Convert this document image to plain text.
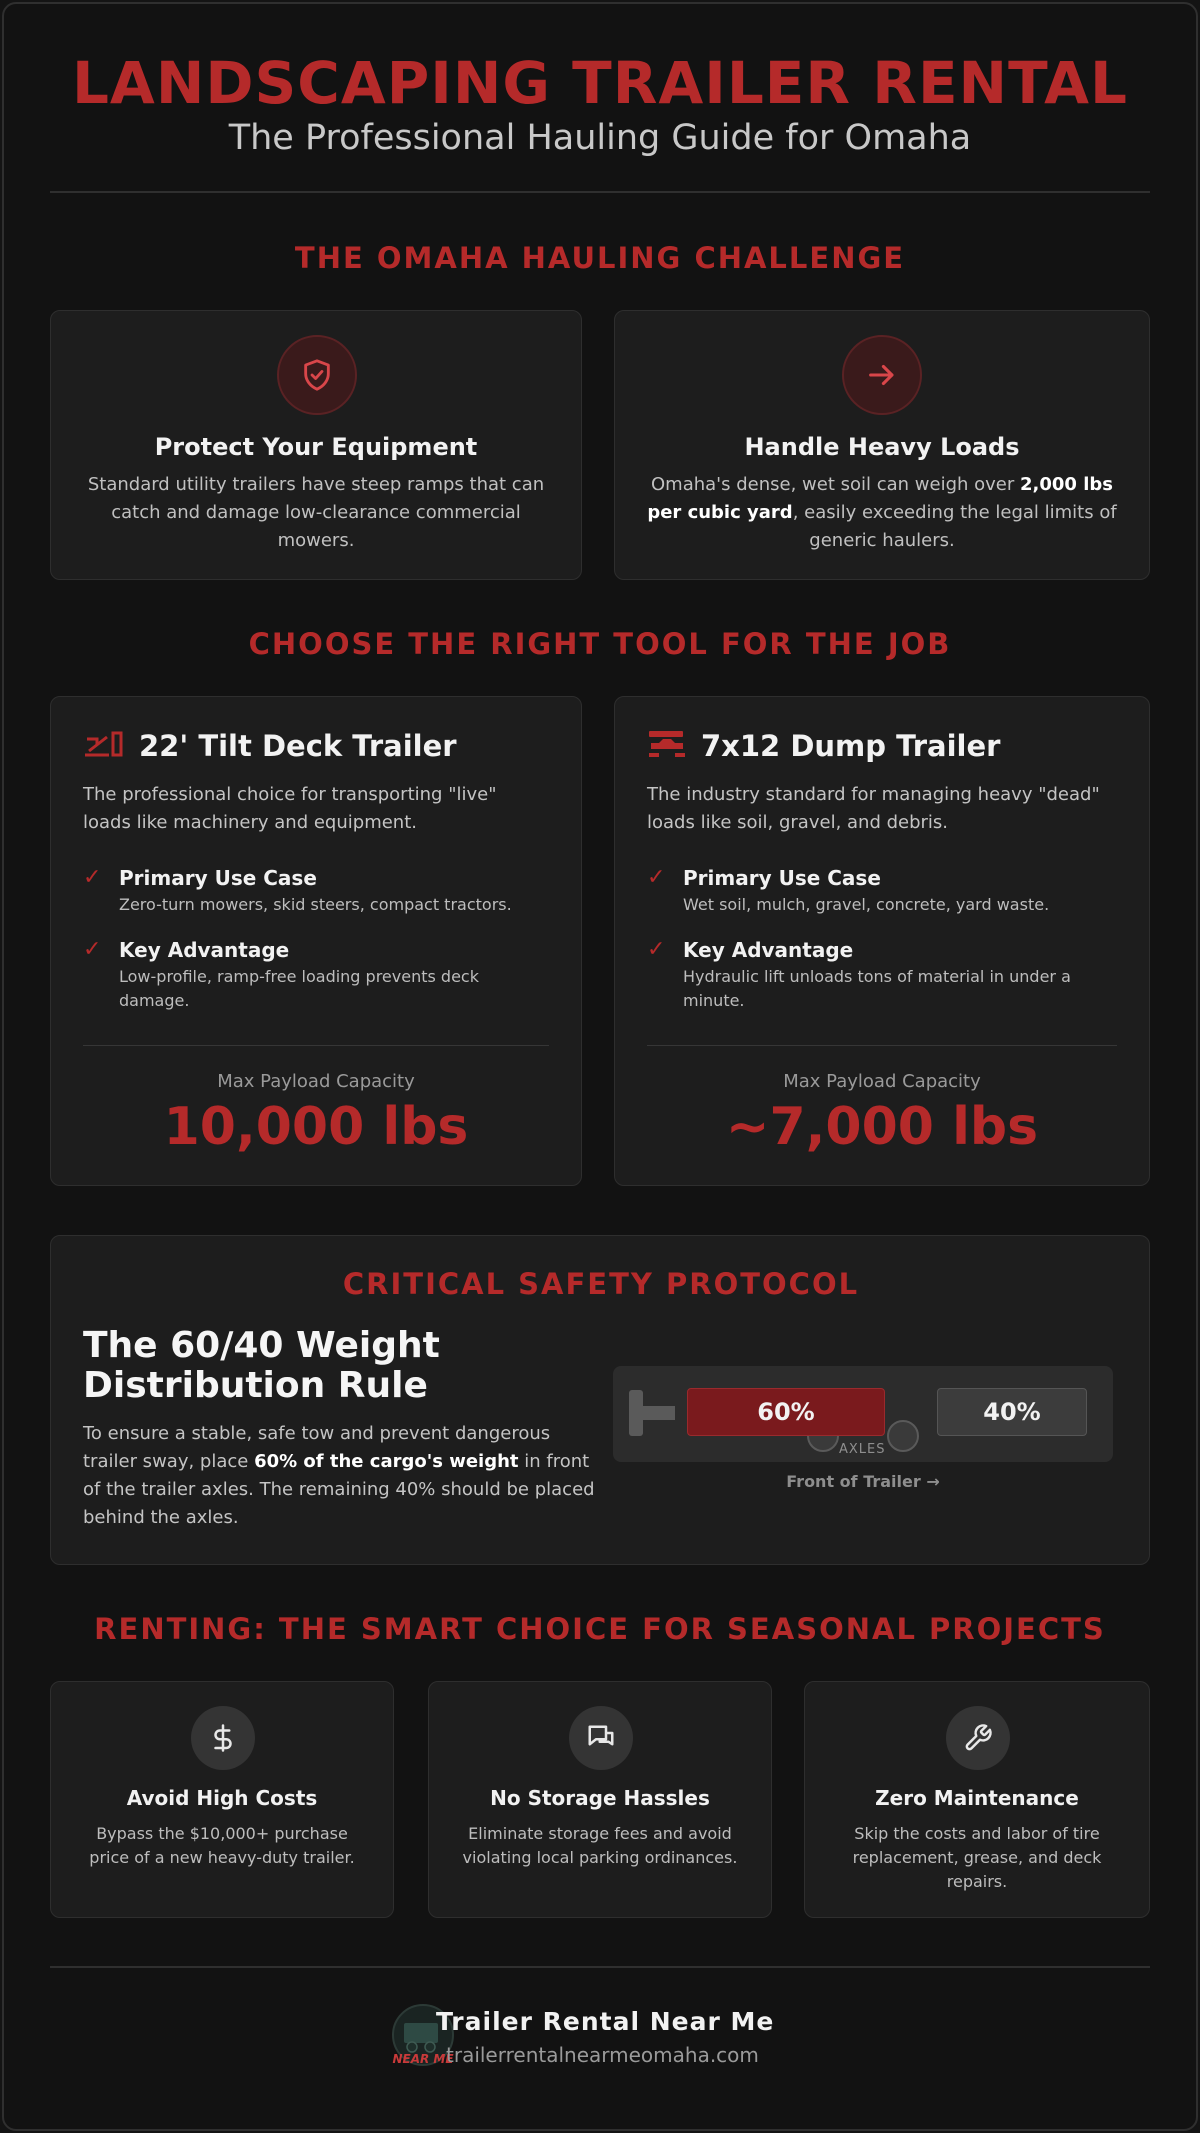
LANDSCAPING TRAILER RENTAL
The Professional Hauling Guide for Omaha
THE OMAHA HAULING CHALLENGE
Protect Your Equipment
Standard utility trailers have steep ramps that can catch and damage low-clearance commercial mowers.
Handle Heavy Loads
Omaha's dense, wet soil can weigh over 2,000 lbs per cubic yard, easily exceeding the legal limits of generic haulers.
CHOOSE THE RIGHT TOOL FOR THE JOB
22' Tilt Deck Trailer
The professional choice for transporting "live" loads like machinery and equipment.
✓ Primary Use Case
Zero-turn mowers, skid steers, compact tractors.
✓ Key Advantage
Low-profile, ramp-free loading prevents deck damage.
Max Payload Capacity
10,000 lbs
7x12 Dump Trailer
The industry standard for managing heavy "dead" loads like soil, gravel, and debris.
✓ Primary Use Case
Wet soil, mulch, gravel, concrete, yard waste.
✓ Key Advantage
Hydraulic lift unloads tons of material in under a minute.
Max Payload Capacity
~7,000 lbs
CRITICAL SAFETY PROTOCOL
The 60/40 Weight Distribution Rule
To ensure a stable, safe tow and prevent dangerous trailer sway, place 60% of the cargo's weight in front of the trailer axles. The remaining 40% should be placed behind the axles.
60%	40%
AXLES
Front of Trailer →
RENTING: THE SMART CHOICE FOR SEASONAL PROJECTS
Avoid High Costs
Bypass the $10,000+ purchase price of a new heavy-duty trailer.
No Storage Hassles
Eliminate storage fees and avoid violating local parking ordinances.
Zero Maintenance
Skip the costs and labor of tire replacement, grease, and deck repairs.
NEAR ME
Trailer Rental Near Me
trailerrentalnearmeomaha.com
